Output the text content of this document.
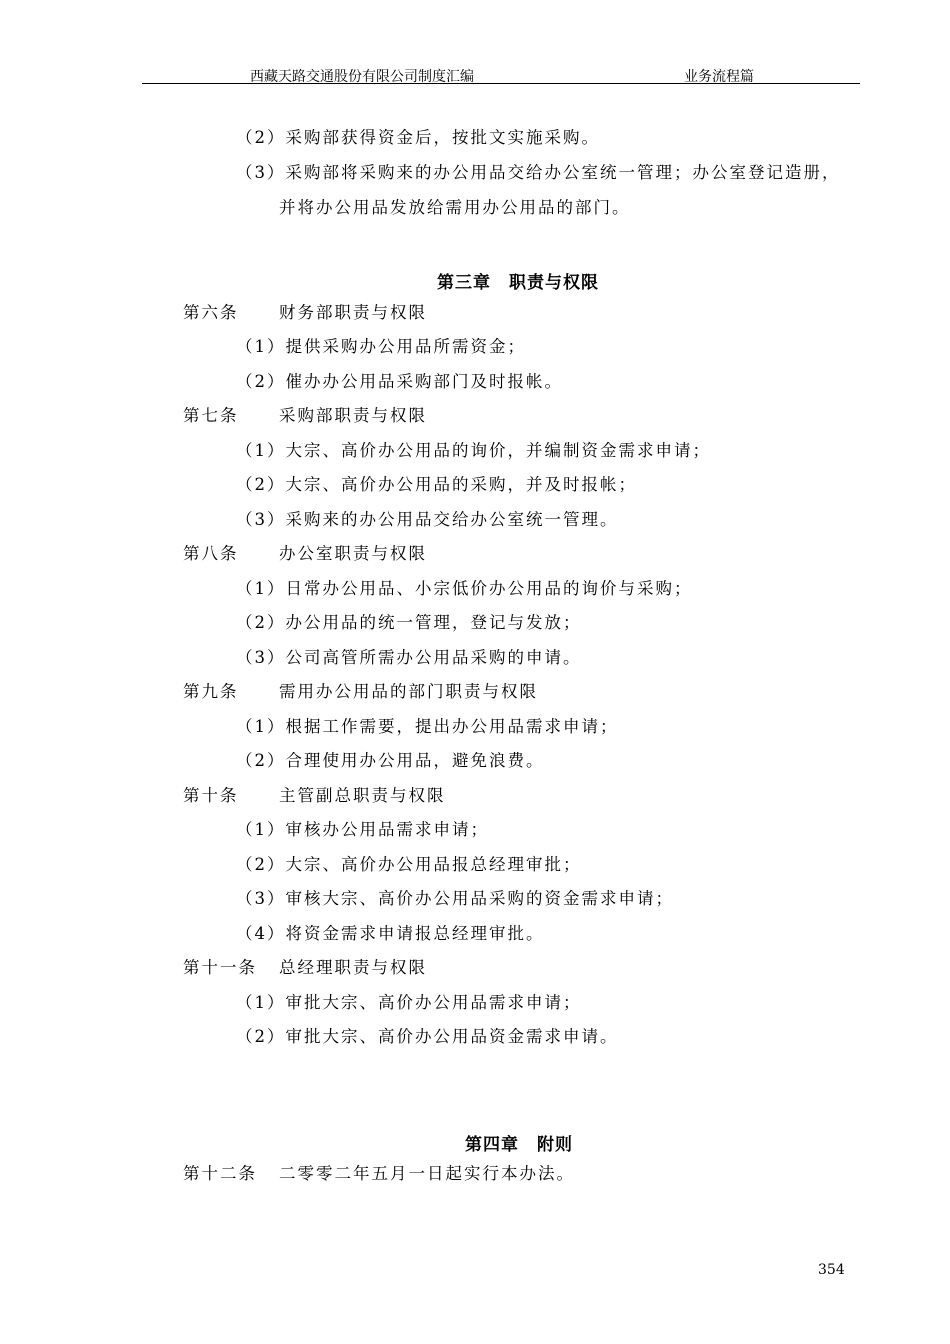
西藏天路交通股份有限公司制度汇编	业务流程篇
（2）采购部获得资金后，按批文实施采购。
（3）采购部将采购来的办公用品交给办公室统一管理；办公室登记造册，
并将办公用品发放给需用办公用品的部门。
第三章　职责与权限
第六条 财务部职责与权限
（1）提供采购办公用品所需资金；
（2）催办办公用品采购部门及时报帐。
第七条 采购部职责与权限
（1）大宗、高价办公用品的询价，并编制资金需求申请；
（2）大宗、高价办公用品的采购，并及时报帐；
（3）采购来的办公用品交给办公室统一管理。
第八条 办公室职责与权限
（1）日常办公用品、小宗低价办公用品的询价与采购；
（2）办公用品的统一管理，登记与发放；
（3）公司高管所需办公用品采购的申请。
第九条 需用办公用品的部门职责与权限
（1）根据工作需要，提出办公用品需求申请；
（2）合理使用办公用品，避免浪费。
第十条 主管副总职责与权限
（1）审核办公用品需求申请；
（2）大宗、高价办公用品报总经理审批；
（3）审核大宗、高价办公用品采购的资金需求申请；
（4）将资金需求申请报总经理审批。
第十一条 总经理职责与权限
（1）审批大宗、高价办公用品需求申请；
（2）审批大宗、高价办公用品资金需求申请。
第四章　附则
第十二条 二零零二年五月一日起实行本办法。
354
